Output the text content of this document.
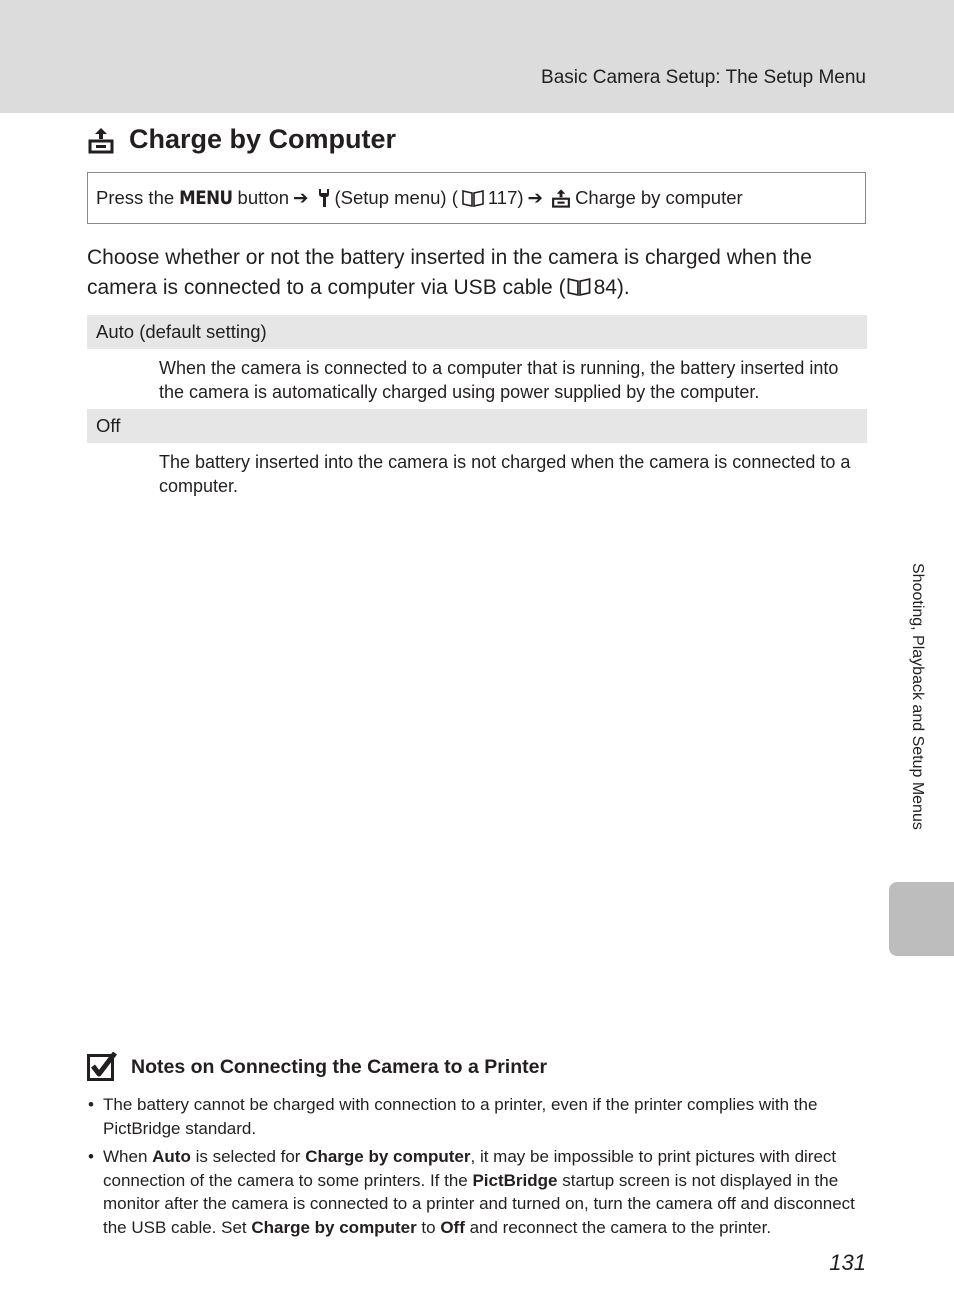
Basic Camera Setup: The Setup Menu
Charge by Computer
Press the MENU button ➔ (Setup menu) ( 117) ➔ Charge by computer
Choose whether or not the battery inserted in the camera is charged when the camera is connected to a computer via USB cable ( 84).
Auto (default setting)
When the camera is connected to a computer that is running, the battery inserted into the camera is automatically charged using power supplied by the computer.
Off
The battery inserted into the camera is not charged when the camera is connected to a computer.
Shooting, Playback and Setup Menus
Notes on Connecting the Camera to a Printer
• The battery cannot be charged with connection to a printer, even if the printer complies with the PictBridge standard.
• When Auto is selected for Charge by computer, it may be impossible to print pictures with direct connection of the camera to some printers. If the PictBridge startup screen is not displayed in the monitor after the camera is connected to a printer and turned on, turn the camera off and disconnect the USB cable. Set Charge by computer to Off and reconnect the camera to the printer.
131
